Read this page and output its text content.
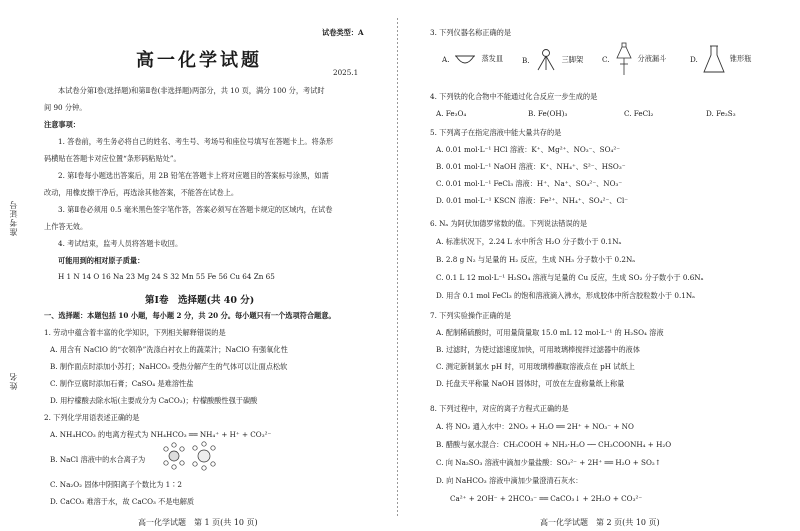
准考证号
姓名
试卷类型：A
高一化学试题
2025.1
本试卷分第Ⅰ卷(选择题)和第Ⅱ卷(非选择题)两部分，共 10 页，满分 100 分，考试时
间 90 分钟。
注意事项：
1. 答卷前，考生务必将自己的姓名、考生号、考场号和座位号填写在答题卡上。将条形
码横贴在答题卡对应位置“条形码粘贴处”。
2. 第Ⅰ卷每小题选出答案后，用 2B 铅笔在答题卡上将对应题目的答案标号涂黑，如需
改动，用橡皮擦干净后，再选涂其他答案，不能答在试卷上。
3. 第Ⅱ卷必须用 0.5 毫米黑色签字笔作答，答案必须写在答题卡规定的区域内，在试卷
上作答无效。
4. 考试结束，监考人员将答题卡收回。
可能用到的相对原子质量：
H 1 N 14 O 16 Na 23 Mg 24 S 32 Mn 55 Fe 56 Cu 64 Zn 65
第Ⅰ卷　选择题(共 40 分)
一、选择题：本题包括 10 小题，每小题 2 分，共 20 分。每小题只有一个选项符合题意。
1. 劳动中蕴含着丰富的化学知识，下列相关解释错误的是
A. 用含有 NaClO 的“衣领净”洗涤白衬衣上的蔬菜汁；NaClO 有强氧化性
B. 制作面点时添加小苏打；NaHCO₃ 受热分解产生的气体可以让面点松软
C. 制作豆腐时添加石膏；CaSO₄ 是难溶性盐
D. 用柠檬酸去除水垢(主要成分为 CaCO₃)；柠檬酸酸性强于碳酸
2. 下列化学用语表述正确的是
A. NH₄HCO₃ 的电离方程式为 NH₄HCO₃ ══ NH₄⁺ + H⁺ + CO₃²⁻
B. NaCl 溶液中的水合离子为
C. Na₂O₂ 固体中阴阳离子个数比为 1∶2
D. CaCO₃ 难溶于水，故 CaCO₃ 不是电解质
高一化学试题　第 1 页(共 10 页)
3. 下列仪器名称正确的是
A.	蒸发皿	B.	三脚架	C.	分液漏斗	D.	锥形瓶
4. 下列铁的化合物中不能通过化合反应一步生成的是
A. Fe₃O₄	B. Fe(OH)₃	C. FeCl₂	D. Fe₂S₃
5. 下列离子在指定溶液中能大量共存的是
A. 0.01 mol·L⁻¹ HCl 溶液：K⁺、Mg²⁺、NO₃⁻、SO₄²⁻
B. 0.01 mol·L⁻¹ NaOH 溶液：K⁺、NH₄⁺、S²⁻、HSO₃⁻
C. 0.01 mol·L⁻¹ FeCl₃ 溶液：H⁺、Na⁺、SO₄²⁻、NO₃⁻
D. 0.01 mol·L⁻¹ KSCN 溶液：Fe²⁺、NH₄⁺、SO₄²⁻、Cl⁻
6. Nₐ 为阿伏加德罗常数的值。下列说法错误的是
A. 标准状况下，2.24 L 水中所含 H₂O 分子数小于 0.1Nₐ
B. 2.8 g N₂ 与足量的 H₂ 反应，生成 NH₃ 分子数小于 0.2Nₐ
C. 0.1 L 12 mol·L⁻¹ H₂SO₄ 溶液与足量的 Cu 反应，生成 SO₂ 分子数小于 0.6Nₐ
D. 用含 0.1 mol FeCl₃ 的饱和溶液滴入沸水，形成胶体中所含胶粒数小于 0.1Nₐ
7. 下列实验操作正确的是
A. 配制稀硫酸时，可用量筒量取 15.0 mL 12 mol·L⁻¹ 的 H₂SO₄ 溶液
B. 过滤时，为使过滤速度加快，可用玻璃棒搅拌过滤器中的液体
C. 测定新制氯水 pH 时，可用玻璃棒蘸取溶液点在 pH 试纸上
D. 托盘天平称量 NaOH 固体时，可放在左盘称量纸上称量
8. 下列过程中，对应的离子方程式正确的是
A. 将 NO₂ 通入水中：2NO₂ + H₂O ══ 2H⁺ + NO₃⁻ + NO
B. 醋酸与氨水混合：CH₃COOH + NH₃·H₂O ── CH₃COONH₄ + H₂O
C. 向 Na₂SO₃ 溶液中滴加少量盐酸：SO₃²⁻ + 2H⁺ ══ H₂O + SO₂↑
D. 向 NaHCO₃ 溶液中滴加少量澄清石灰水：
Ca²⁺ + 2OH⁻ + 2HCO₃⁻ ══ CaCO₃↓ + 2H₂O + CO₃²⁻
高一化学试题　第 2 页(共 10 页)
